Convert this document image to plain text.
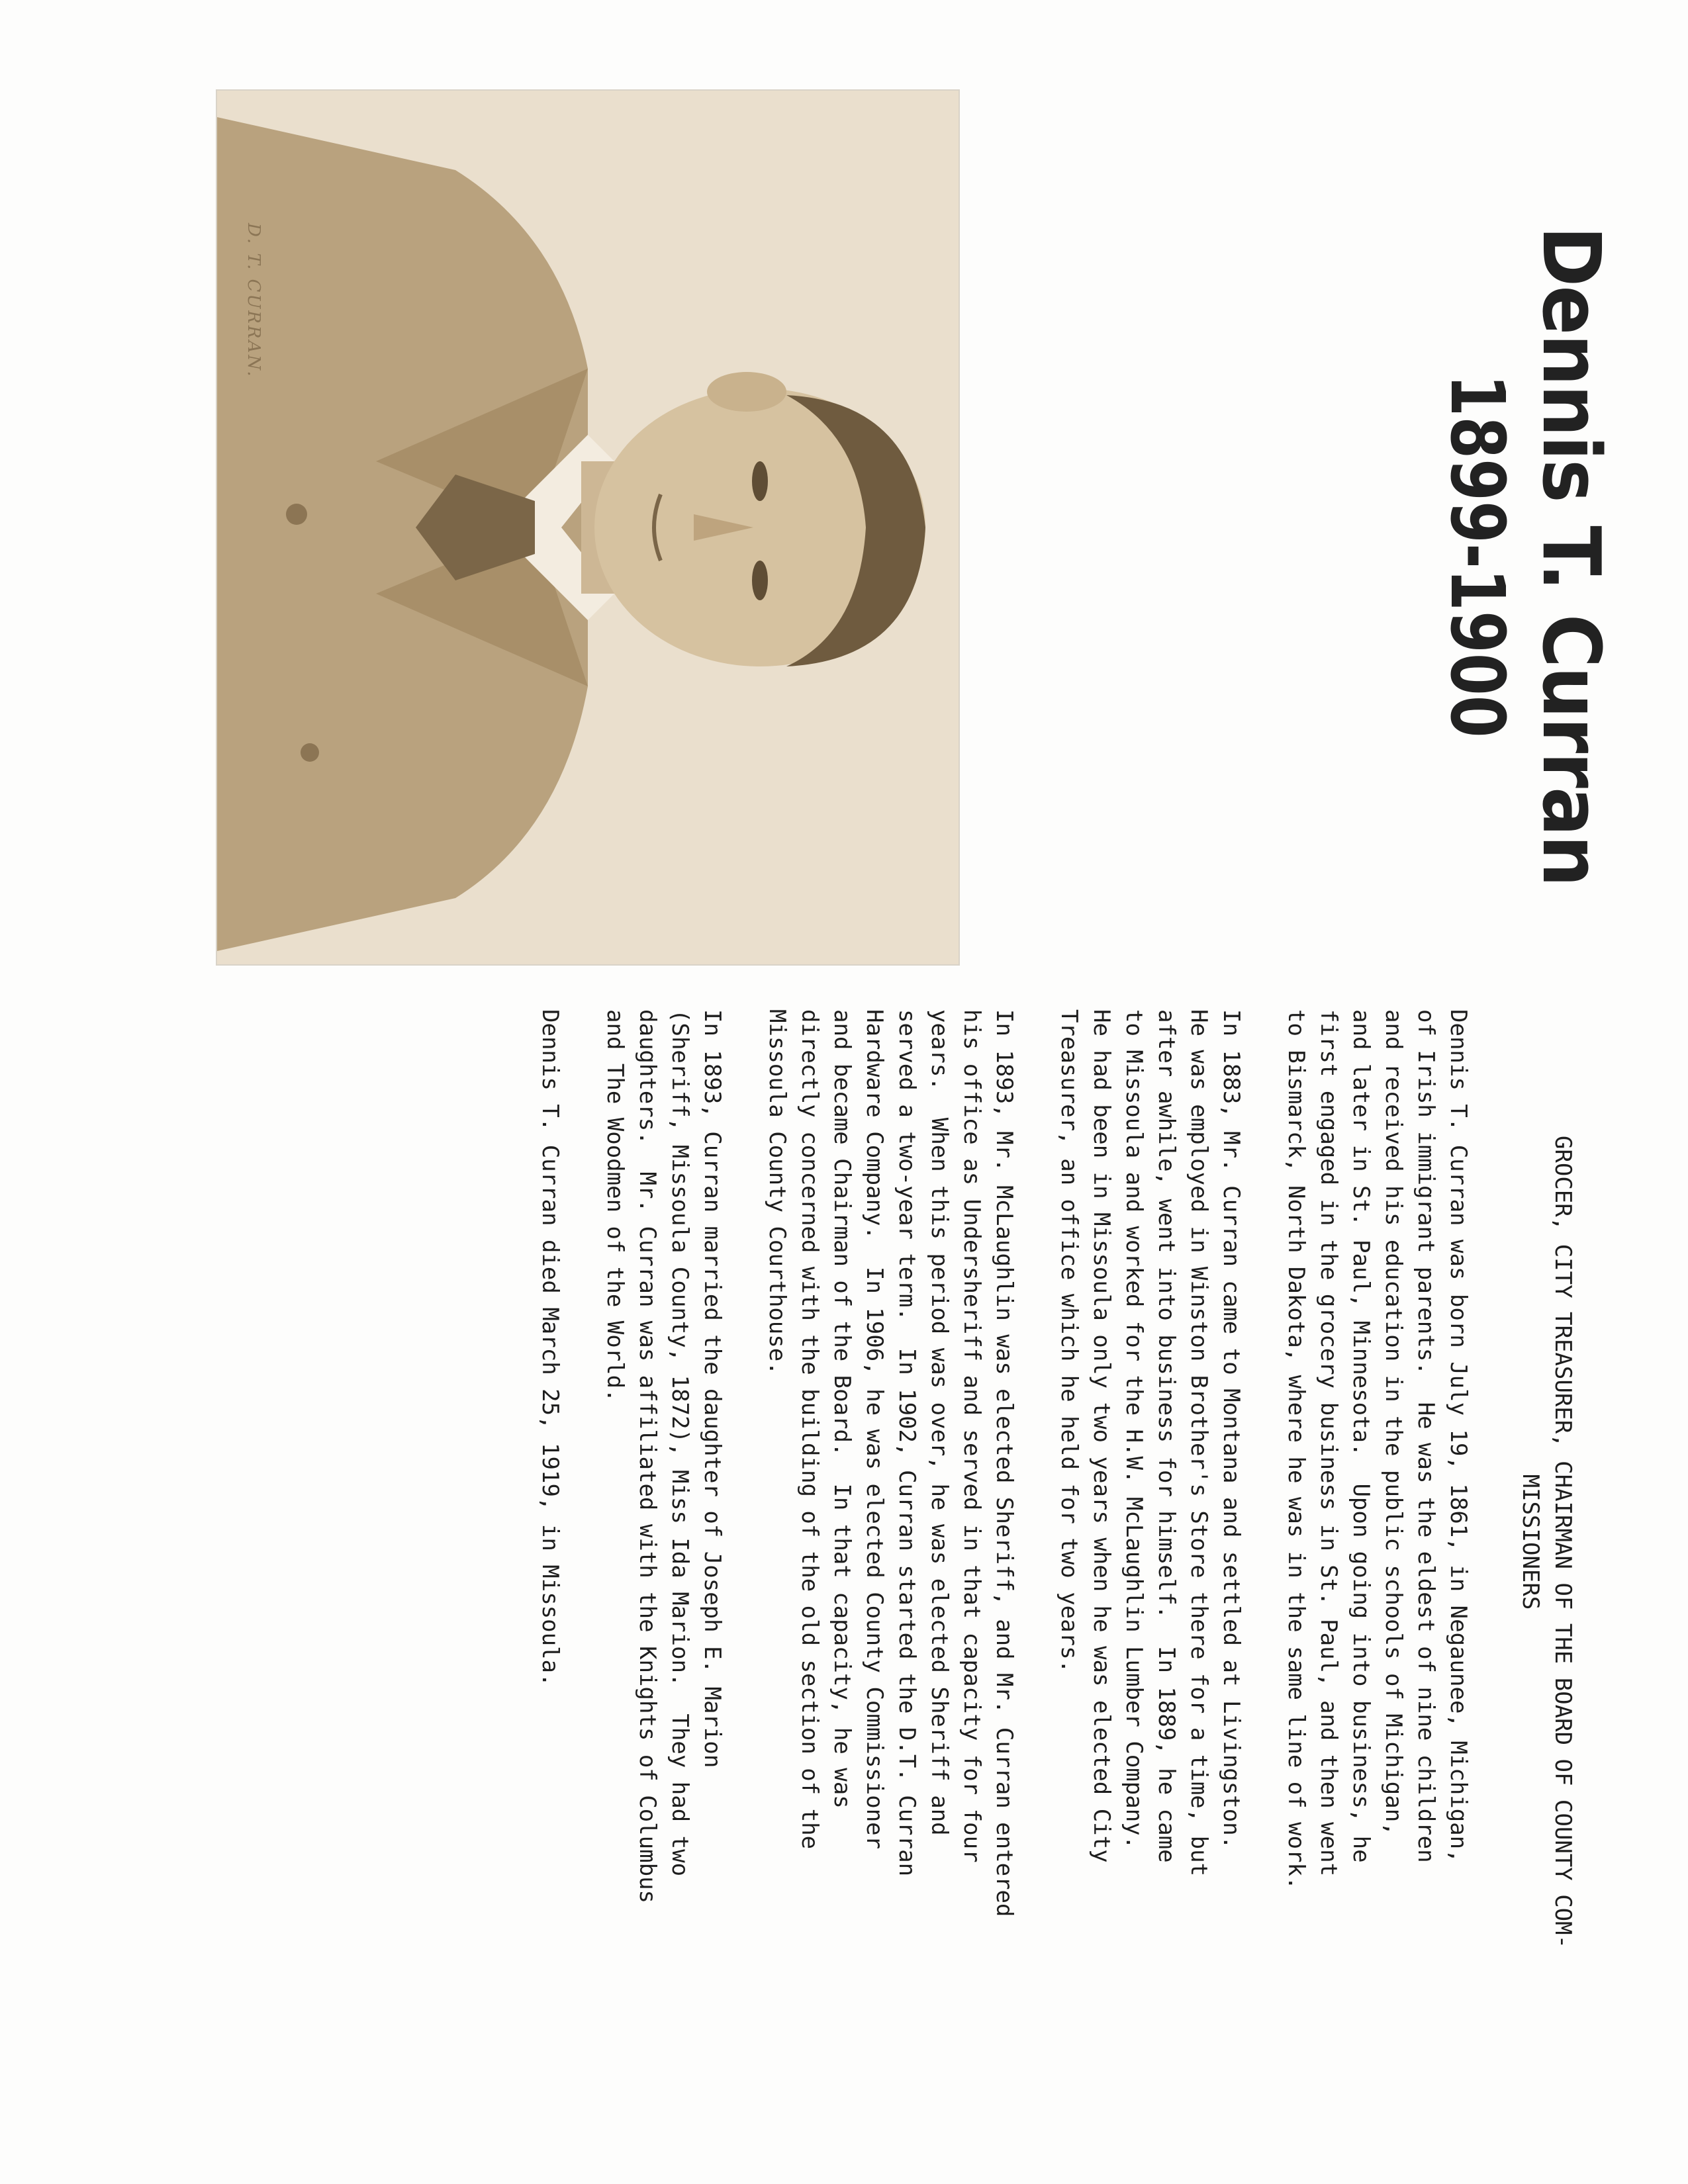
Dennis T. Curran
1899-1900
D. T. CURRAN.
GROCER, CITY TREASURER, CHAIRMAN OF THE BOARD OF COUNTY COM-
MISSIONERS

Dennis T. Curran was born July 19, 1861, in Negaunee, Michigan,
of Irish immigrant parents.  He was the eldest of nine children
and received his education in the public schools of Michigan,
and later in St. Paul, Minnesota.  Upon going into business, he
first engaged in the grocery business in St. Paul, and then went
to Bismarck, North Dakota, where he was in the same line of work.

In 1883, Mr. Curran came to Montana and settled at Livingston.
He was employed in Winston Brother's Store there for a time, but
after awhile, went into business for himself.  In 1889, he came
to Missoula and worked for the H.W. McLaughlin Lumber Company.
He had been in Missoula only two years when he was elected City
Treasurer, an office which he held for two years.

In 1893, Mr. McLaughlin was elected Sheriff, and Mr. Curran entered
his office as Undersheriff and served in that capacity for four
years.  When this period was over, he was elected Sheriff and
served a two-year term.  In 1902, Curran started the D.T. Curran
Hardware Company.  In 1906, he was elected County Commissioner
and became Chairman of the Board.  In that capacity, he was
directly concerned with the building of the old section of the
Missoula County Courthouse.

In 1893, Curran married the daughter of Joseph E. Marion
(Sheriff, Missoula County, 1872), Miss Ida Marion.  They had two
daughters.  Mr. Curran was affiliated with the Knights of Columbus
and The Woodmen of the World.

Dennis T. Curran died March 25, 1919, in Missoula.
